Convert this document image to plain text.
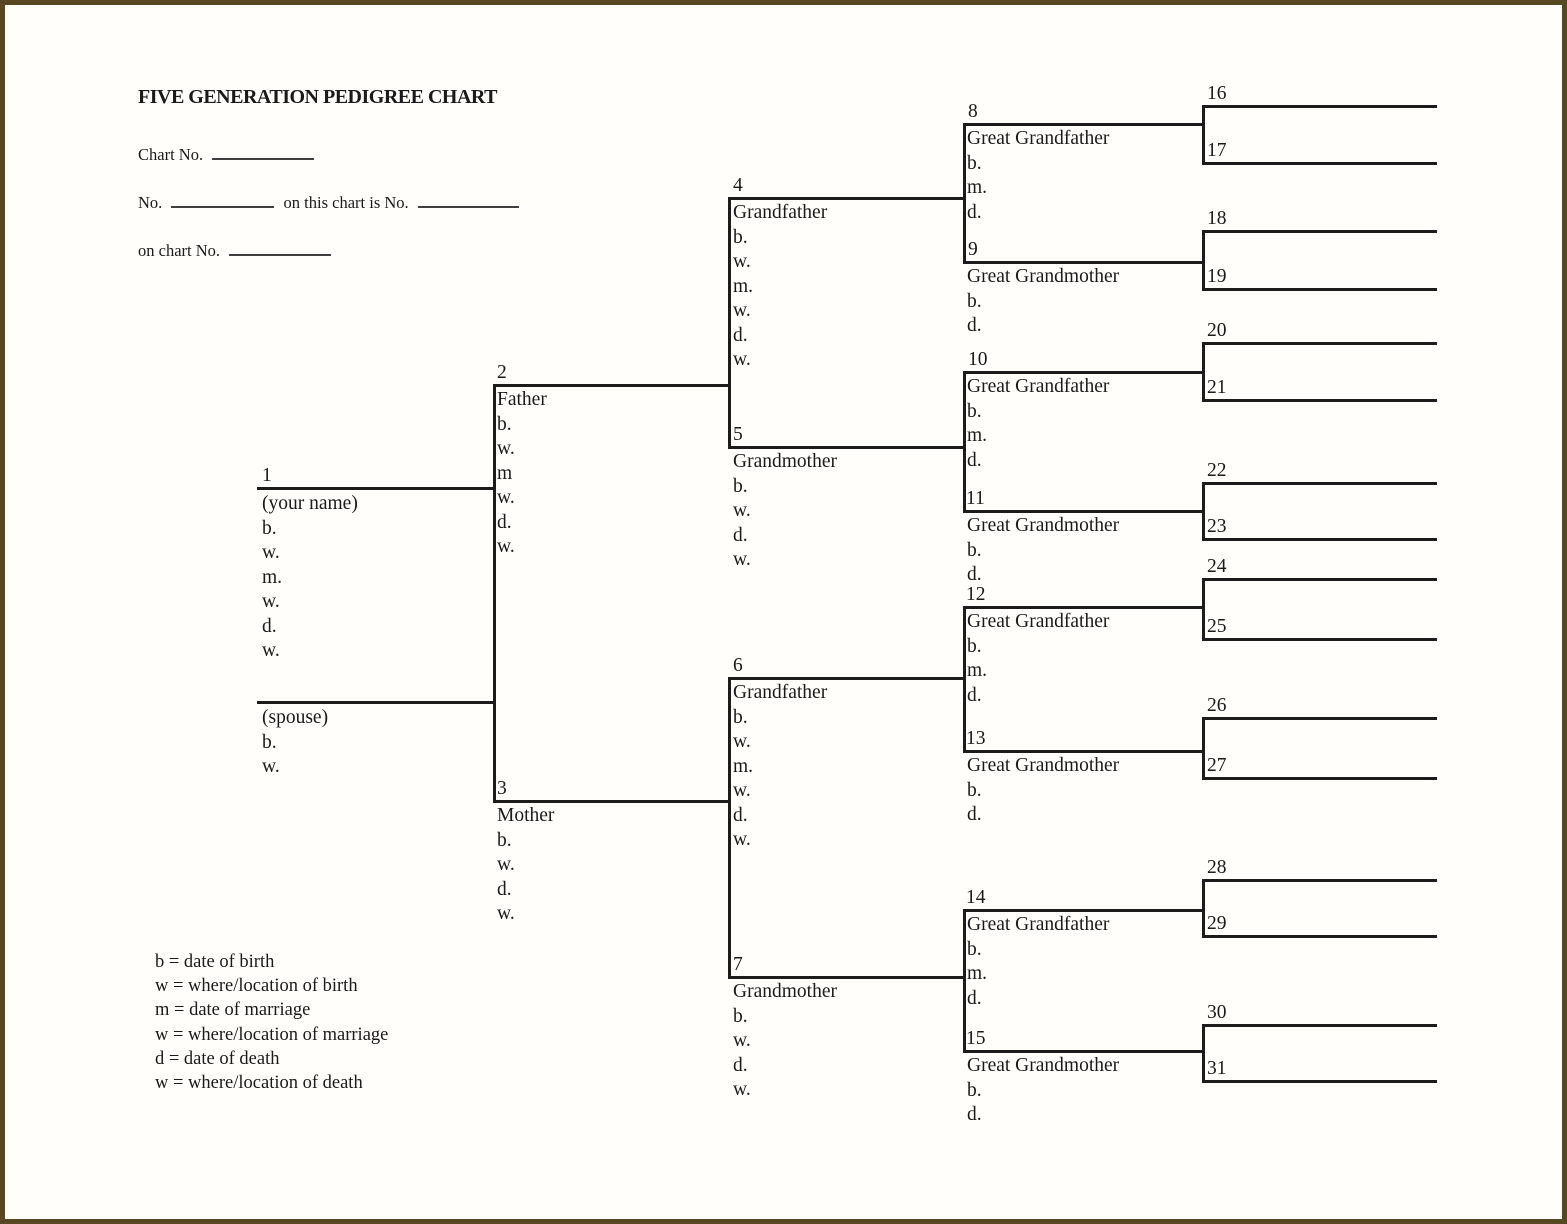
FIVE GENERATION PEDIGREE CHART
Chart No.
No.	on this chart is No.
on chart No.
1
(your name)
b.
w.
m.
w.
d.
w.
(spouse)
b.
w.
2
Father
b.
w.
m
w.
d.
w.
3
Mother
b.
w.
d.
w.
4
Grandfather
b.
w.
m.
w.
d.
w.
5
Grandmother
b.
w.
d.
w.
6
Grandfather
b.
w.
m.
w.
d.
w.
7
Grandmother
b.
w.
d.
w.
8
Great Grandfather
b.
m.
d.
9
Great Grandmother
b.
d.
10
Great Grandfather
b.
m.
d.
11
Great Grandmother
b.
d.
12
Great Grandfather
b.
m.
d.
13
Great Grandmother
b.
d.
14
Great Grandfather
b.
m.
d.
15
Great Grandmother
b.
d.
16
17
18
19
20
21
22
23
24
25
26
27
28
29
30
31
b = date of birth
w = where/location of birth
m = date of marriage
w = where/location of marriage
d = date of death
w = where/location of death
